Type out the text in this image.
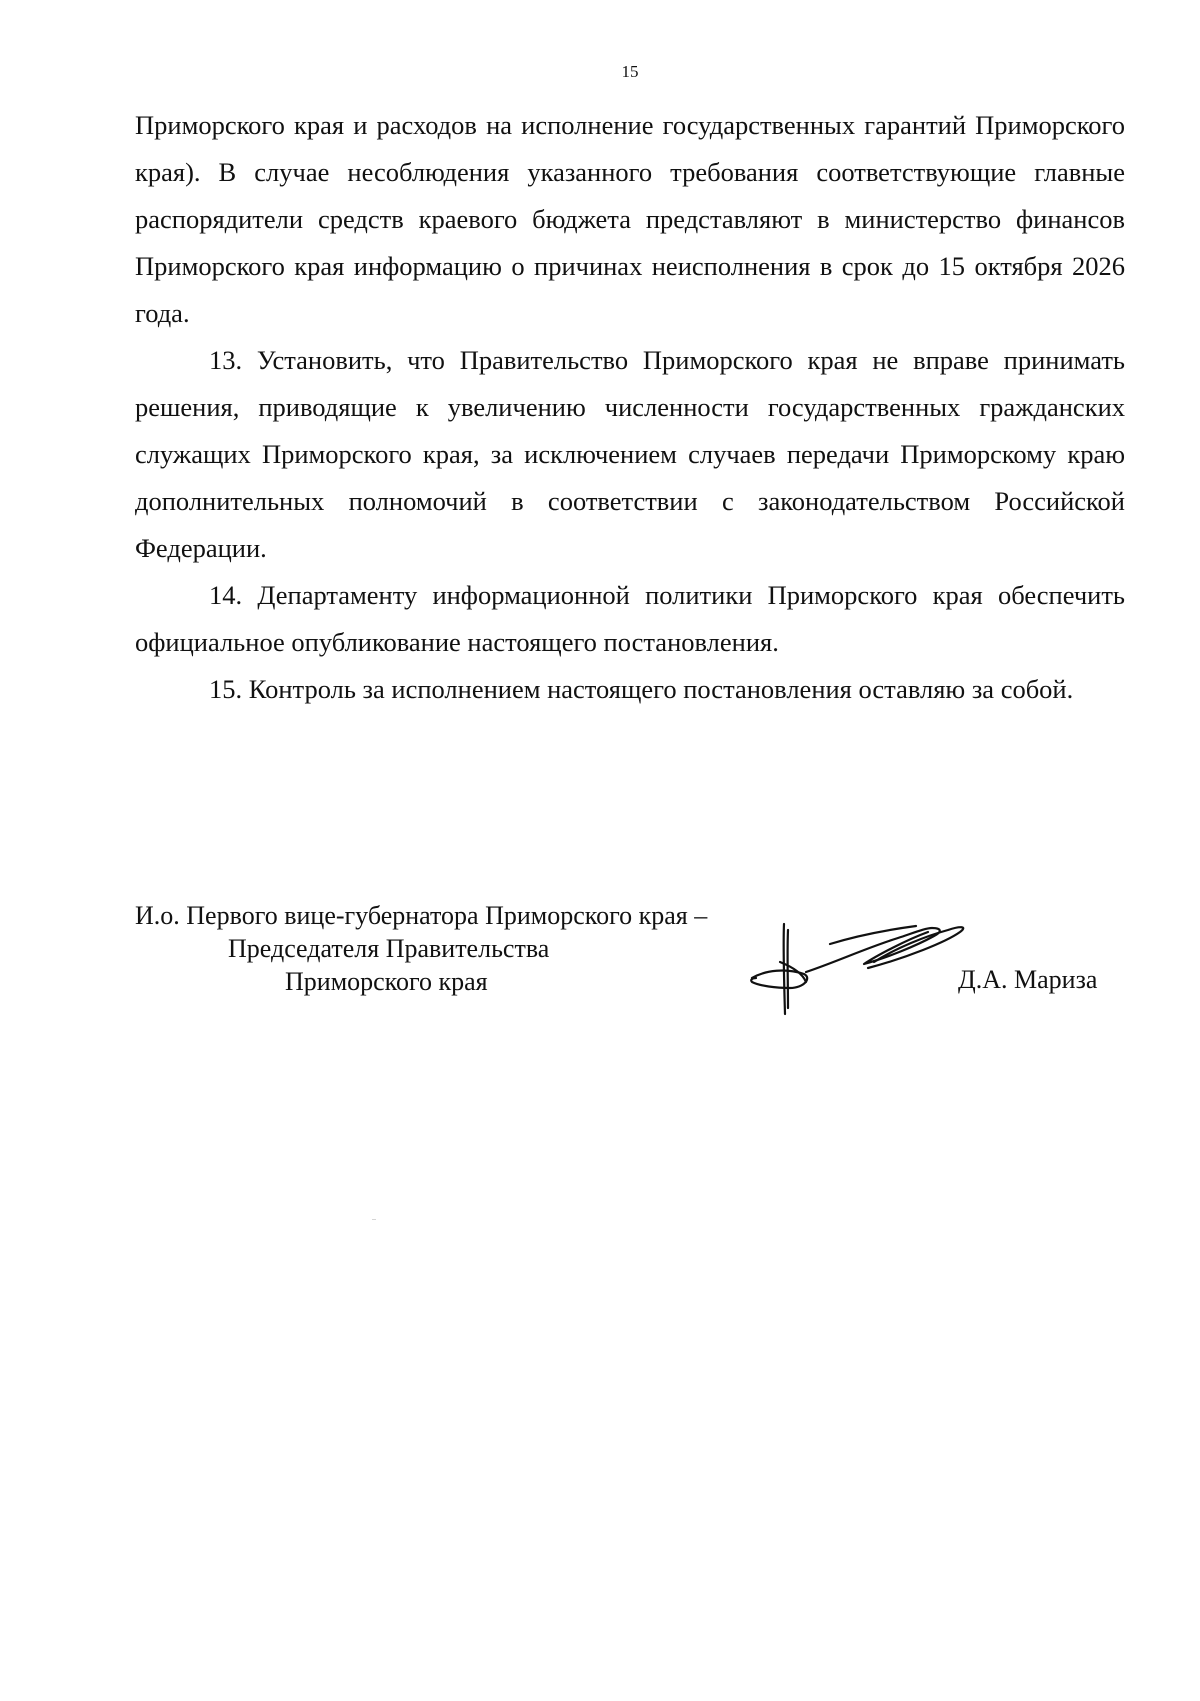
15

Приморского края и расходов на исполнение государственных гарантий Приморского края). В случае несоблюдения указанного требования соответствующие главные распорядители средств краевого бюджета представляют в министерство финансов Приморского края информацию о причинах неисполнения в срок до 15 октября 2026 года.

13. Установить, что Правительство Приморского края не вправе принимать решения, приводящие к увеличению численности государственных гражданских служащих Приморского края, за исключением случаев передачи Приморскому краю дополнительных полномочий в соответствии с законодательством Российской Федерации.

14. Департаменту информационной политики Приморского края обеспечить официальное опубликование настоящего постановления.

15. Контроль за исполнением настоящего постановления оставляю за собой.

И.о. Первого вице-губернатора Приморского края –
Председателя Правительства
Приморского края	Д.А. Мариза
